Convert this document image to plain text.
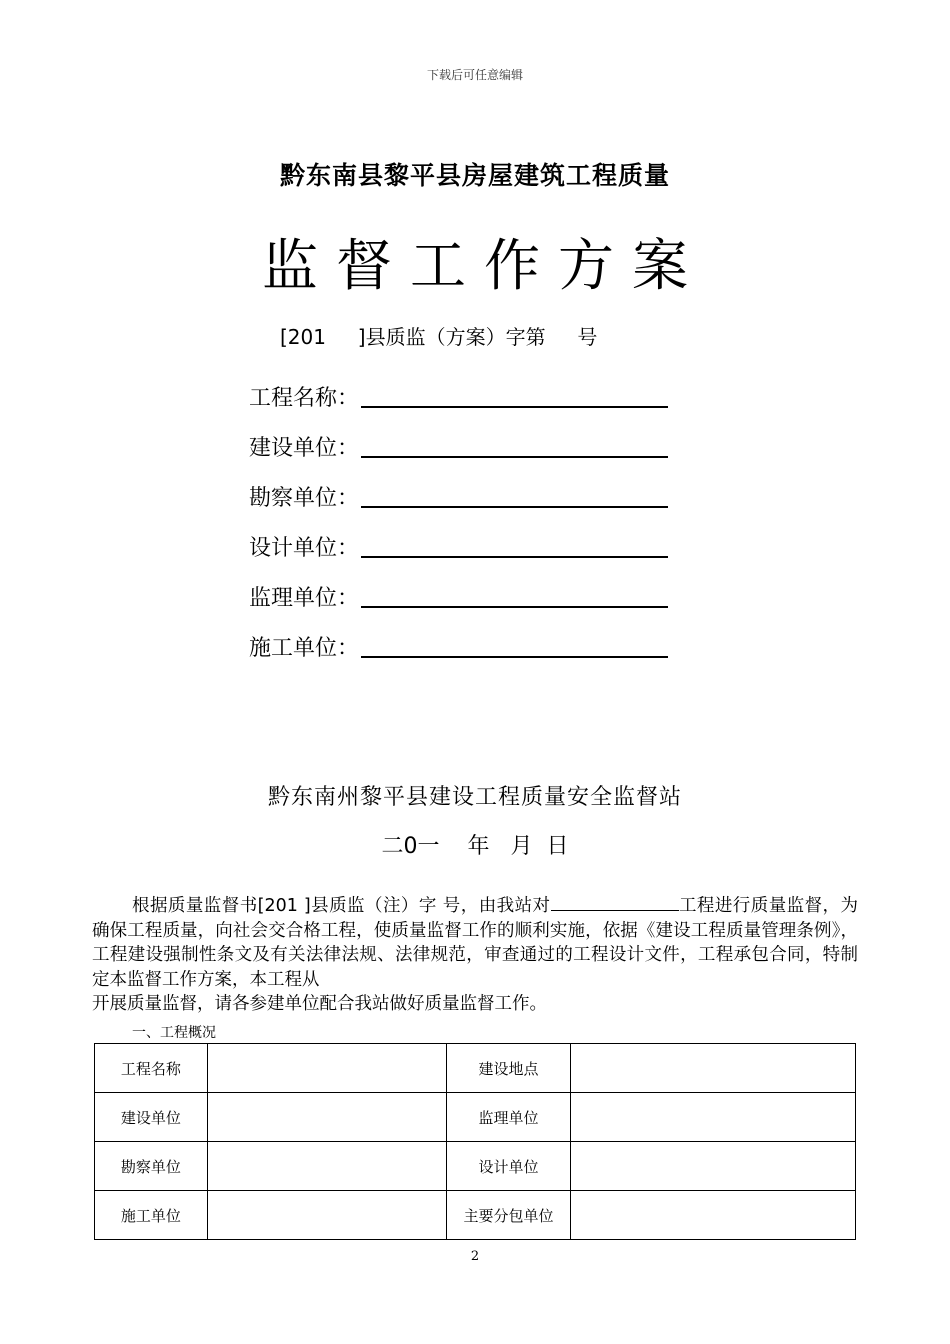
下载后可任意编辑
黔东南县黎平县房屋建筑工程质量
监督工作方案
[201     ]县质监（方案）字第     号
工程名称：
建设单位：
勘察单位：
设计单位：
监理单位：
施工单位：
黔东南州黎平县建设工程质量安全监督站
二0一    年   月  日

根据质量监督书[201 ]县质监（注）字 号，由我站对	工程进行质量监督，为确保工程质量，向社会交合格工程，使质量监督工作的顺利实施，依据《建设工程质量管理条例》，工程建设强制性条文及有关法律法规、法律规范，审查通过的工程设计文件，工程承包合同，特制定本监督工作方案，本工程从

开展质量监督，请各参建单位配合我站做好质量监督工作。

一、工程概况
工程名称		建设地点	
建设单位		监理单位	
勘察单位		设计单位	
施工单位		主要分包单位	
2
